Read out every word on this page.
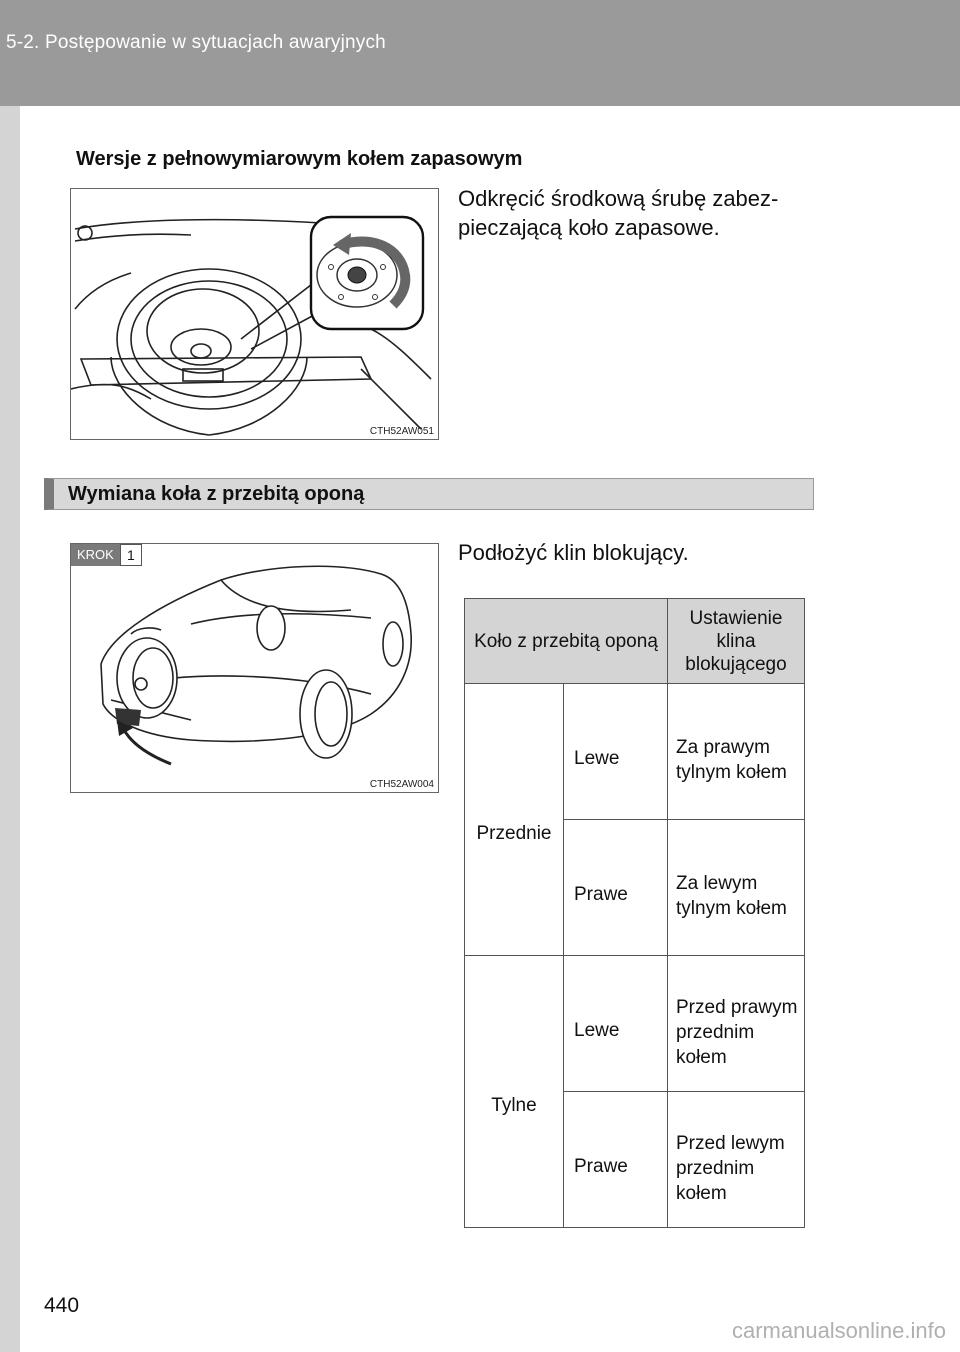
5-2. Postępowanie w sytuacjach awaryjnych
Wersje z pełnowymiarowym kołem zapasowym
CTH52AW051
Odkręcić środkową śrubę zabez-
pieczającą koło zapasowe.
Wymiana koła z przebitą oponą
KROK 1
CTH52AW004
Podłożyć klin blokujący.
Koło z przebitą oponą		Ustawienie klina blokującego
Przednie	Lewe	Za prawym tylnym kołem
	Prawe	Za lewym tylnym kołem
Tylne	Lewe	Przed prawym przednim kołem
	Prawe	Przed lewym przednim kołem
440
carmanualsonline.info
